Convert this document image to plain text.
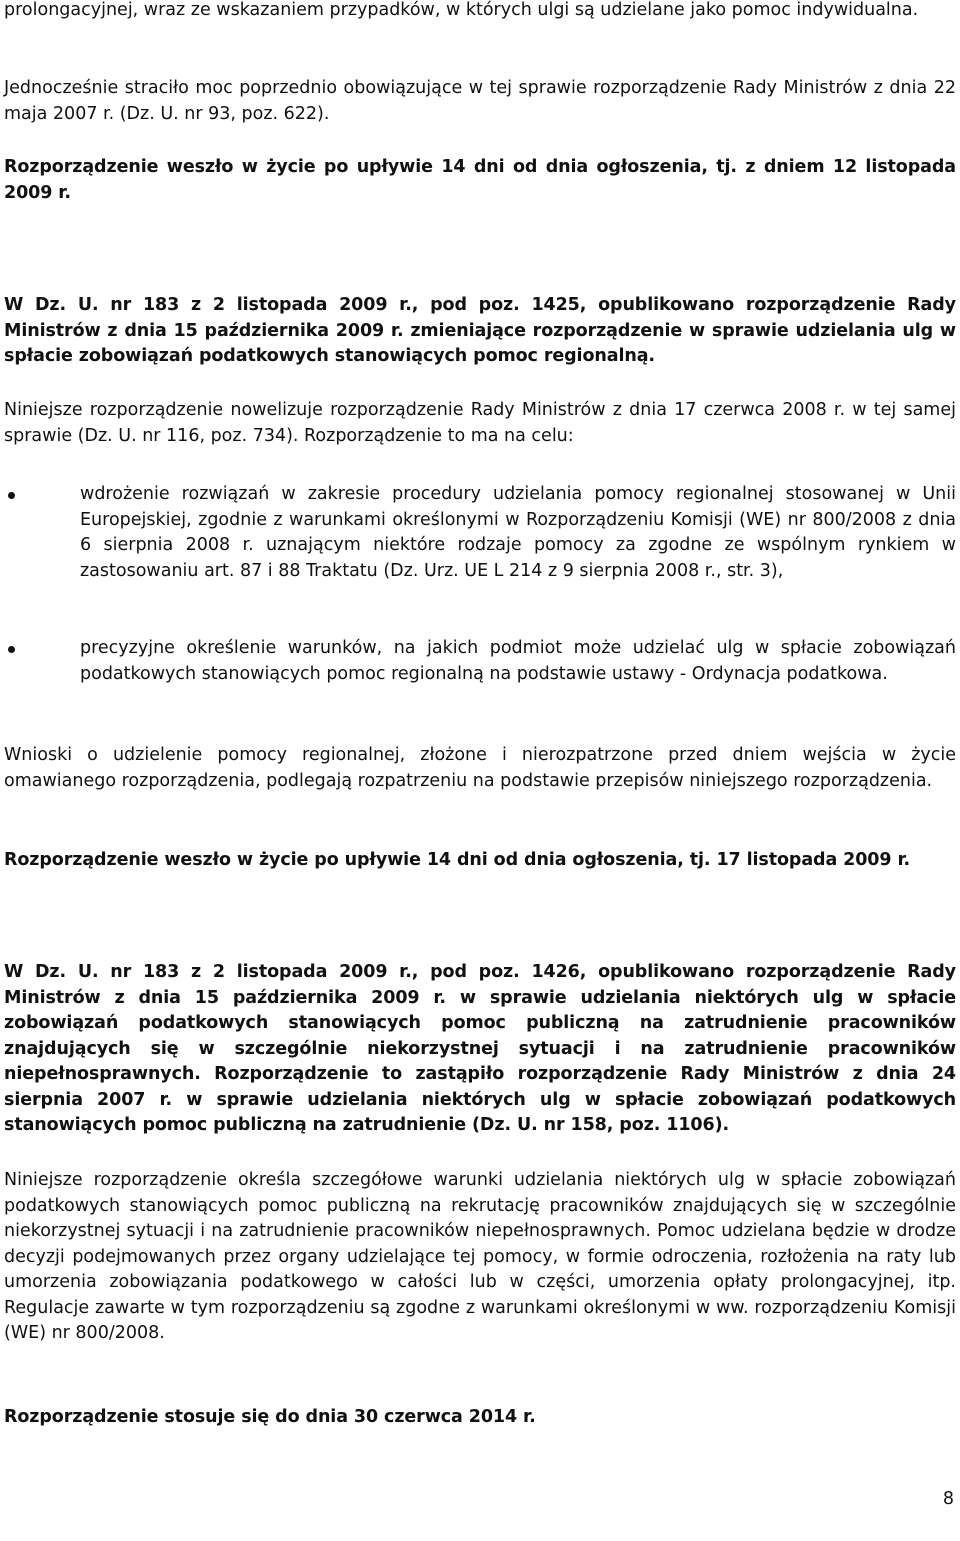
prolongacyjnej, wraz ze wskazaniem przypadków, w których ulgi są udzielane jako pomoc indywidualna.

Jednocześnie straciło moc poprzednio obowiązujące w tej sprawie rozporządzenie Rady Ministrów z dnia 22 maja 2007 r. (Dz. U. nr 93, poz. 622).

Rozporządzenie weszło w życie po upływie 14 dni od dnia ogłoszenia, tj. z dniem 12 listopada 2009 r.

W Dz. U. nr 183 z 2 listopada 2009 r., pod poz. 1425, opublikowano rozporządzenie Rady Ministrów z dnia 15 października 2009 r. zmieniające rozporządzenie w sprawie udzielania ulg w spłacie zobowiązań podatkowych stanowiących pomoc regionalną.

Niniejsze rozporządzenie nowelizuje rozporządzenie Rady Ministrów z dnia 17 czerwca 2008 r. w tej samej sprawie (Dz. U. nr 116, poz. 734). Rozporządzenie to ma na celu:

wdrożenie rozwiązań w zakresie procedury udzielania pomocy regionalnej stosowanej w Unii Europejskiej, zgodnie z warunkami określonymi w Rozporządzeniu Komisji (WE) nr 800/2008 z dnia 6 sierpnia 2008 r. uznającym niektóre rodzaje pomocy za zgodne ze wspólnym rynkiem w zastosowaniu art. 87 i 88 Traktatu (Dz. Urz. UE L 214 z 9 sierpnia 2008 r., str. 3),

precyzyjne określenie warunków, na jakich podmiot może udzielać ulg w spłacie zobowiązań podatkowych stanowiących pomoc regionalną na podstawie ustawy - Ordynacja podatkowa.

Wnioski o udzielenie pomocy regionalnej, złożone i nierozpatrzone przed dniem wejścia w życie omawianego rozporządzenia, podlegają rozpatrzeniu na podstawie przepisów niniejszego rozporządzenia.

Rozporządzenie weszło w życie po upływie 14 dni od dnia ogłoszenia, tj. 17 listopada 2009 r.

W Dz. U. nr 183 z 2 listopada 2009 r., pod poz. 1426, opublikowano rozporządzenie Rady Ministrów z dnia 15 października 2009 r. w sprawie udzielania niektórych ulg w spłacie zobowiązań podatkowych stanowiących pomoc publiczną na zatrudnienie pracowników znajdujących się w szczególnie niekorzystnej sytuacji i na zatrudnienie pracowników niepełnosprawnych. Rozporządzenie to zastąpiło rozporządzenie Rady Ministrów z dnia 24 sierpnia 2007 r. w sprawie udzielania niektórych ulg w spłacie zobowiązań podatkowych stanowiących pomoc publiczną na zatrudnienie (Dz. U. nr 158, poz. 1106).

Niniejsze rozporządzenie określa szczegółowe warunki udzielania niektórych ulg w spłacie zobowiązań podatkowych stanowiących pomoc publiczną na rekrutację pracowników znajdujących się w szczególnie niekorzystnej sytuacji i na zatrudnienie pracowników niepełnosprawnych. Pomoc udzielana będzie w drodze decyzji podejmowanych przez organy udzielające tej pomocy, w formie odroczenia, rozłożenia na raty lub umorzenia zobowiązania podatkowego w całości lub w części, umorzenia opłaty prolongacyjnej, itp. Regulacje zawarte w tym rozporządzeniu są zgodne z warunkami określonymi w ww. rozporządzeniu Komisji (WE) nr 800/2008.

Rozporządzenie stosuje się do dnia 30 czerwca 2014 r.

8
